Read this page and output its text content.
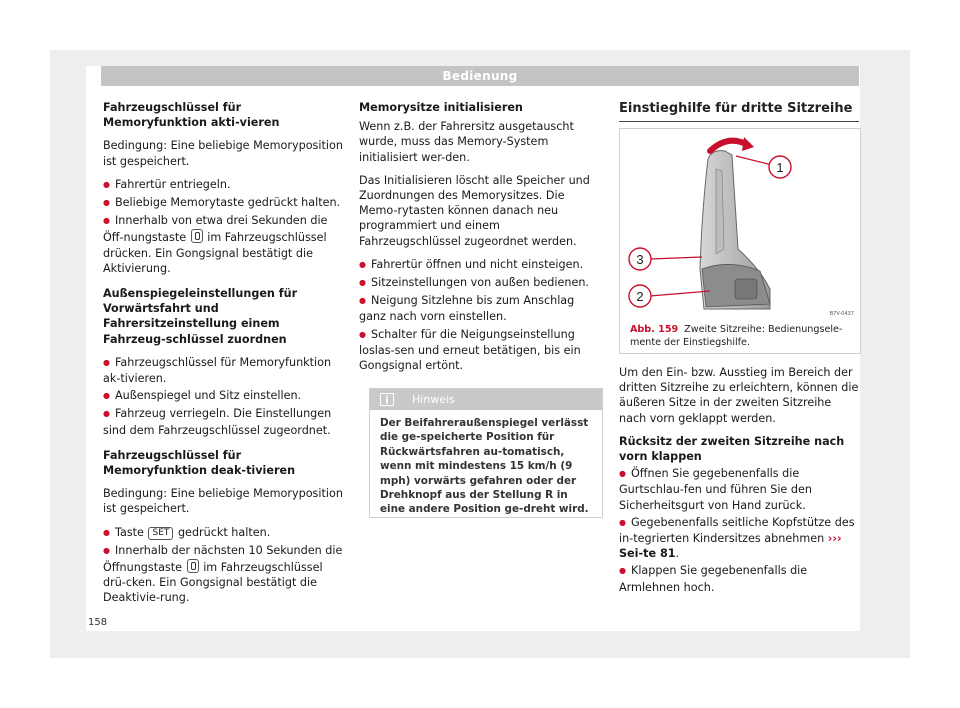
Bedienung

Fahrzeugschlüssel für Memoryfunktion akti-vieren

Bedingung: Eine beliebige Memoryposition ist gespeichert.

● Fahrertür entriegeln.
● Beliebige Memorytaste gedrückt halten.

● Innerhalb von etwa drei Sekunden die Öff-nungstaste im Fahrzeugschlüssel drücken. Ein Gongsignal bestätigt die Aktivierung.

Außenspiegeleinstellungen für Vorwärtsfahrt und Fahrersitzeinstellung einem Fahrzeug-schlüssel zuordnen

● Fahrzeugschlüssel für Memoryfunktion ak-tivieren.
● Außenspiegel und Sitz einstellen.

● Fahrzeug verriegeln. Die Einstellungen sind dem Fahrzeugschlüssel zugeordnet.

Fahrzeugschlüssel für Memoryfunktion deak-tivieren

Bedingung: Eine beliebige Memoryposition ist gespeichert.

● Taste SET gedrückt halten.
● Innerhalb der nächsten 10 Sekunden die Öffnungstaste im Fahrzeugschlüssel drü-cken. Ein Gongsignal bestätigt die Deaktivie-rung.

Memorysitze initialisieren

Wenn z.B. der Fahrersitz ausgetauscht wurde, muss das Memory-System initialisiert wer-den.

Das Initialisieren löscht alle Speicher und Zuordnungen des Memorysitzes. Die Memo-rytasten können danach neu programmiert und einem Fahrzeugschlüssel zugeordnet werden.

● Fahrertür öffnen und nicht einsteigen.
● Sitzeinstellungen von außen bedienen.
● Neigung Sitzlehne bis zum Anschlag ganz nach vorn einstellen.
● Schalter für die Neigungseinstellung loslas-sen und erneut betätigen, bis ein Gongsignal ertönt.
Hinweis
Der Beifahreraußenspiegel verlässt die ge-speicherte Position für Rückwärtsfahren au-tomatisch, wenn mit mindestens 15 km/h (9 mph) vorwärts gefahren oder der Drehknopf aus der Stellung R in eine andere Position ge-dreht wird.
Einstieghilfe für dritte Sitzreihe
1
3
2
B7V-0437
Abb. 159 Zweite Sitzreihe: Bedienungsele-mente der Einstiegshilfe.

Um den Ein- bzw. Ausstieg im Bereich der dritten Sitzreihe zu erleichtern, können die äußeren Sitze in der zweiten Sitzreihe nach vorn geklappt werden.

Rücksitz der zweiten Sitzreihe nach vorn klappen

● Öffnen Sie gegebenenfalls die Gurtschlau-fen und führen Sie den Sicherheitsgurt von Hand zurück.
● Gegebenenfalls seitliche Kopfstütze des in-tegrierten Kindersitzes abnehmen ››› Sei-te 81.
● Klappen Sie gegebenenfalls die Armlehnen hoch.
158
